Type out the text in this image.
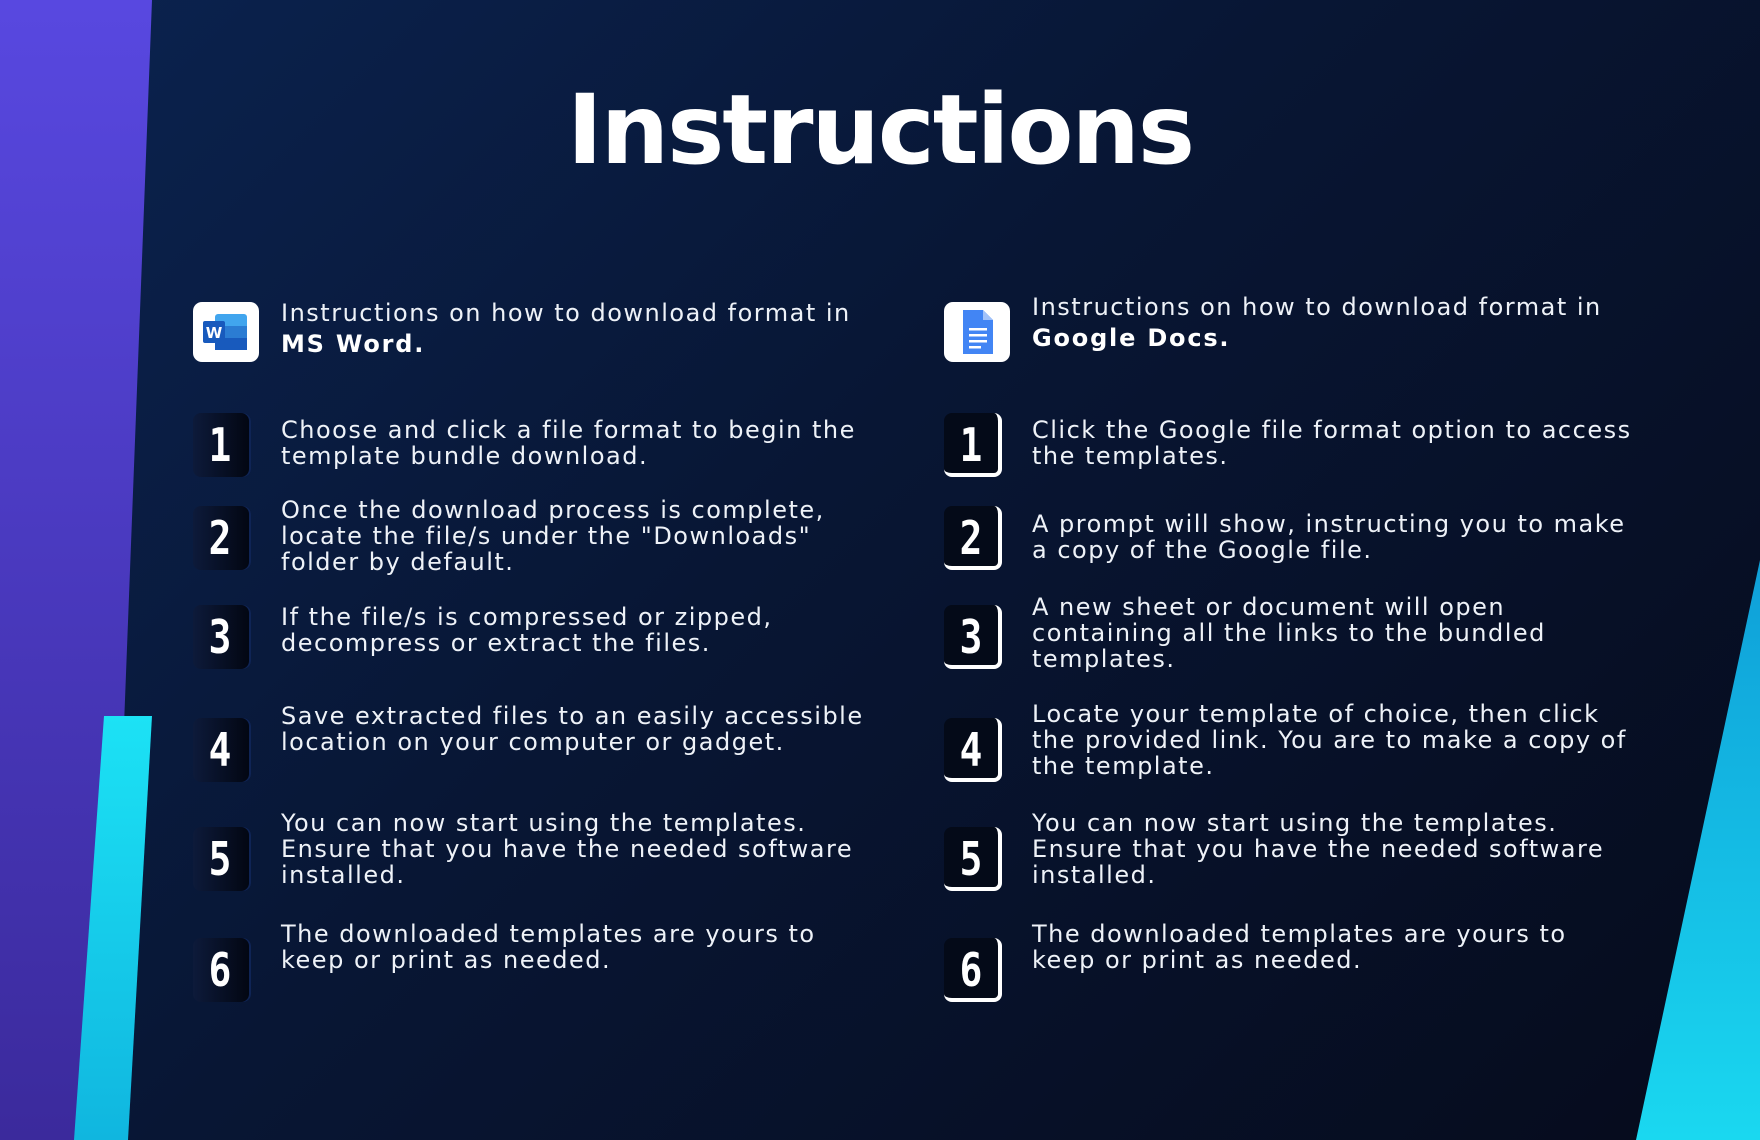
Instructions
W
Instructions on how to download format in MS Word.
1	Choose and click a file format to begin the template bundle download.
2
Once the download process is complete, locate the file/s under the "Downloads" folder by default.
3	If the file/s is compressed or zipped, decompress or extract the files.
4
Save extracted files to an easily accessible location on your computer or gadget.
5
You can now start using the templates. Ensure that you have the needed software installed.
6
The downloaded templates are yours to keep or print as needed.
Instructions on how to download format in Google Docs.
1	Click the Google file format option to access the templates.
2	A prompt will show, instructing you to make a copy of the Google file.
3
A new sheet or document will open containing all the links to the bundled templates.
4
Locate your template of choice, then click the provided link. You are to make a copy of the template.
5
You can now start using the templates. Ensure that you have the needed software installed.
6
The downloaded templates are yours to keep or print as needed.
